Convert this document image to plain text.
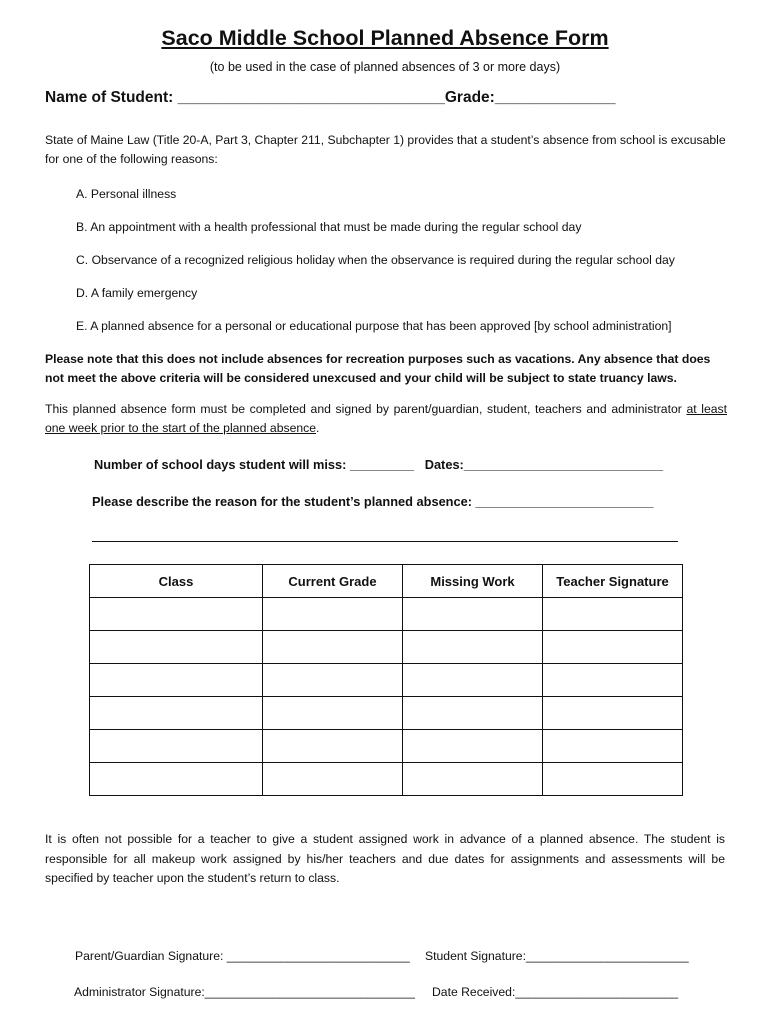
Saco Middle School Planned Absence Form
(to be used in the case of planned absences of 3 or more days)
Name of Student: _______________________________Grade:______________
State of Maine Law (Title 20-A, Part 3, Chapter 211, Subchapter 1) provides that a student’s absence from school is excusable for one of the following reasons:
A. Personal illness
B. An appointment with a health professional that must be made during the regular school day
C. Observance of a recognized religious holiday when the observance is required during the regular school day
D. A family emergency
E. A planned absence for a personal or educational purpose that has been approved [by school administration]
Please note that this does not include absences for recreation purposes such as vacations. Any absence that does not meet the above criteria will be considered unexcused and your child will be subject to state truancy laws.
This planned absence form must be completed and signed by parent/guardian, student, teachers and administrator at least one week prior to the start of the planned absence.
Number of school days student will miss: _________   Dates:____________________________
Please describe the reason for the student’s planned absence: _________________________
Class	Current Grade	Missing Work	Teacher Signature

It is often not possible for a teacher to give a student assigned work in advance of a planned absence. The student is responsible for all makeup work assigned by his/her teachers and due dates for assignments and assessments will be specified by teacher upon the student’s return to class.
Parent/Guardian Signature: ___________________________ Student Signature:________________________
Administrator Signature:_______________________________ Date Received:________________________
